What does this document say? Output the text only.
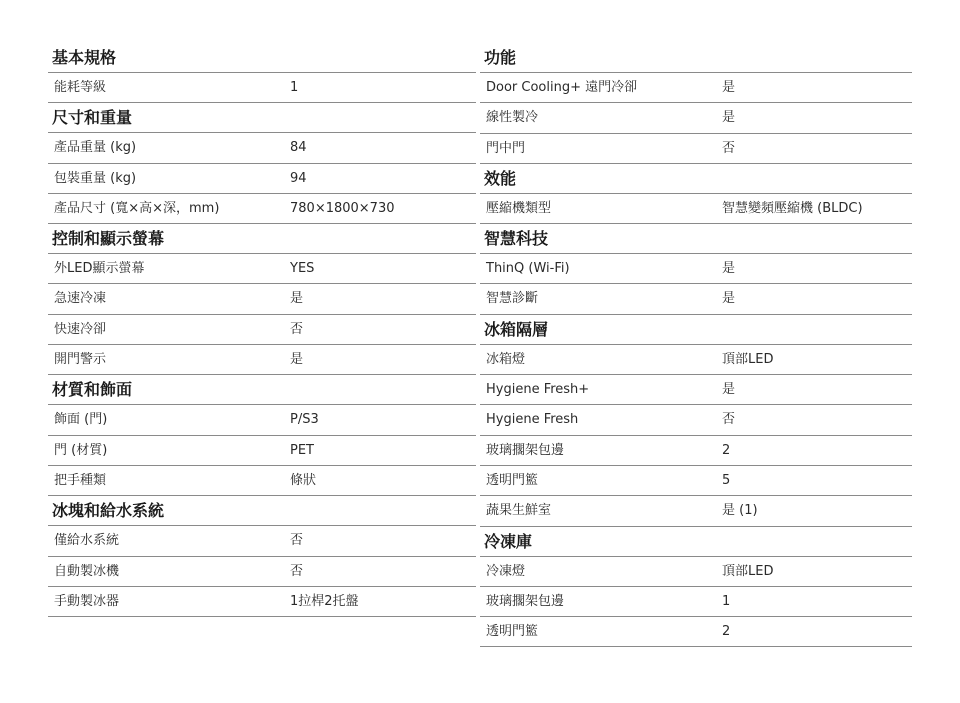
基本規格
能耗等級	1
尺寸和重量
產品重量 (kg)	84
包裝重量 (kg)	94
產品尺寸 (寬×高×深，mm)	780×1800×730
控制和顯示螢幕
外LED顯示螢幕	YES
急速冷凍	是
快速冷卻	否
開門警示	是
材質和飾面
飾面 (門)	P/S3
門 (材質)	PET
把手種類	條狀
冰塊和給水系統
僅給水系統	否
自動製冰機	否
手動製冰器	1拉桿2托盤
功能
Door Cooling+ 遠門冷卻	是
線性製冷	是
門中門	否
效能
壓縮機類型	智慧變頻壓縮機 (BLDC)
智慧科技
ThinQ (Wi-Fi)	是
智慧診斷	是
冰箱隔層
冰箱燈	頂部LED
Hygiene Fresh+	是
Hygiene Fresh	否
玻璃擱架包邊	2
透明門籃	5
蔬果生鮮室	是 (1)
冷凍庫
冷凍燈	頂部LED
玻璃擱架包邊	1
透明門籃	2
